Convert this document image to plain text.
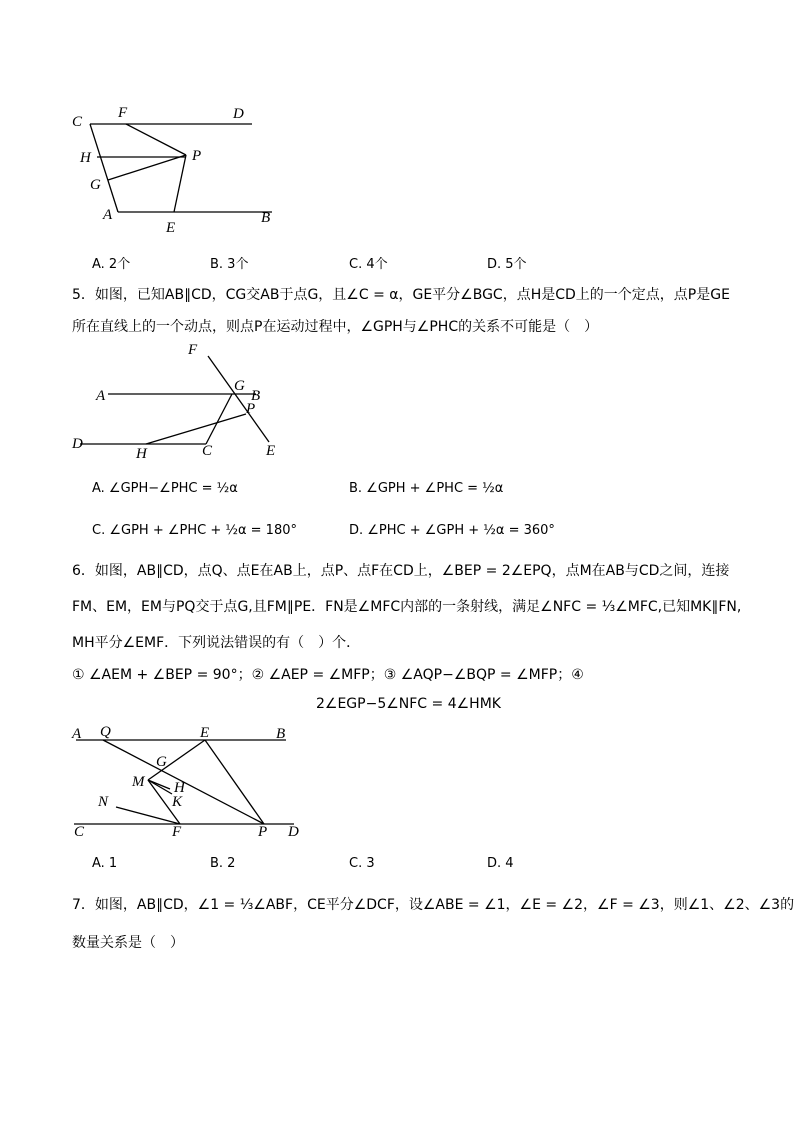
C
F	D
H	P
G
A
E
B
A. 2个	B. 3个	C. 4个	D. 5个
5．如图，已知AB∥CD，CG交AB于点G，且∠C = α，GE平分∠BGC，点H是CD上的一个定点，点P是GE
所在直线上的一个动点，则点P在运动过程中，∠GPH与∠PHC的关系不可能是（　）
F
A
G
B
P
D
H	C	E
A. ∠GPH−∠PHC = ½α	B. ∠GPH + ∠PHC = ½α
C. ∠GPH + ∠PHC + ½α = 180°	D. ∠PHC + ∠GPH + ½α = 360°
6．如图，AB∥CD，点Q、点E在AB上，点P、点F在CD上，∠BEP = 2∠EPQ，点M在AB与CD之间，连接
FM、EM，EM与PQ交于点G,且FM∥PE．FN是∠MFC内部的一条射线，满足∠NFC = ⅓∠MFC,已知MK∥FN,
MH平分∠EMF．下列说法错误的有（　）个．
① ∠AEM + ∠BEP = 90°；② ∠AEP = ∠MFP；③ ∠AQP−∠BQP = ∠MFP；④
2∠EGP−5∠NFC = 4∠HMK
A Q	E	B
G
M H
K
N
C	F	P D
A. 1	B. 2	C. 3	D. 4
7．如图，AB∥CD，∠1 = ⅓∠ABF，CE平分∠DCF，设∠ABE = ∠1，∠E = ∠2，∠F = ∠3，则∠1、∠2、∠3的
数量关系是（　）
